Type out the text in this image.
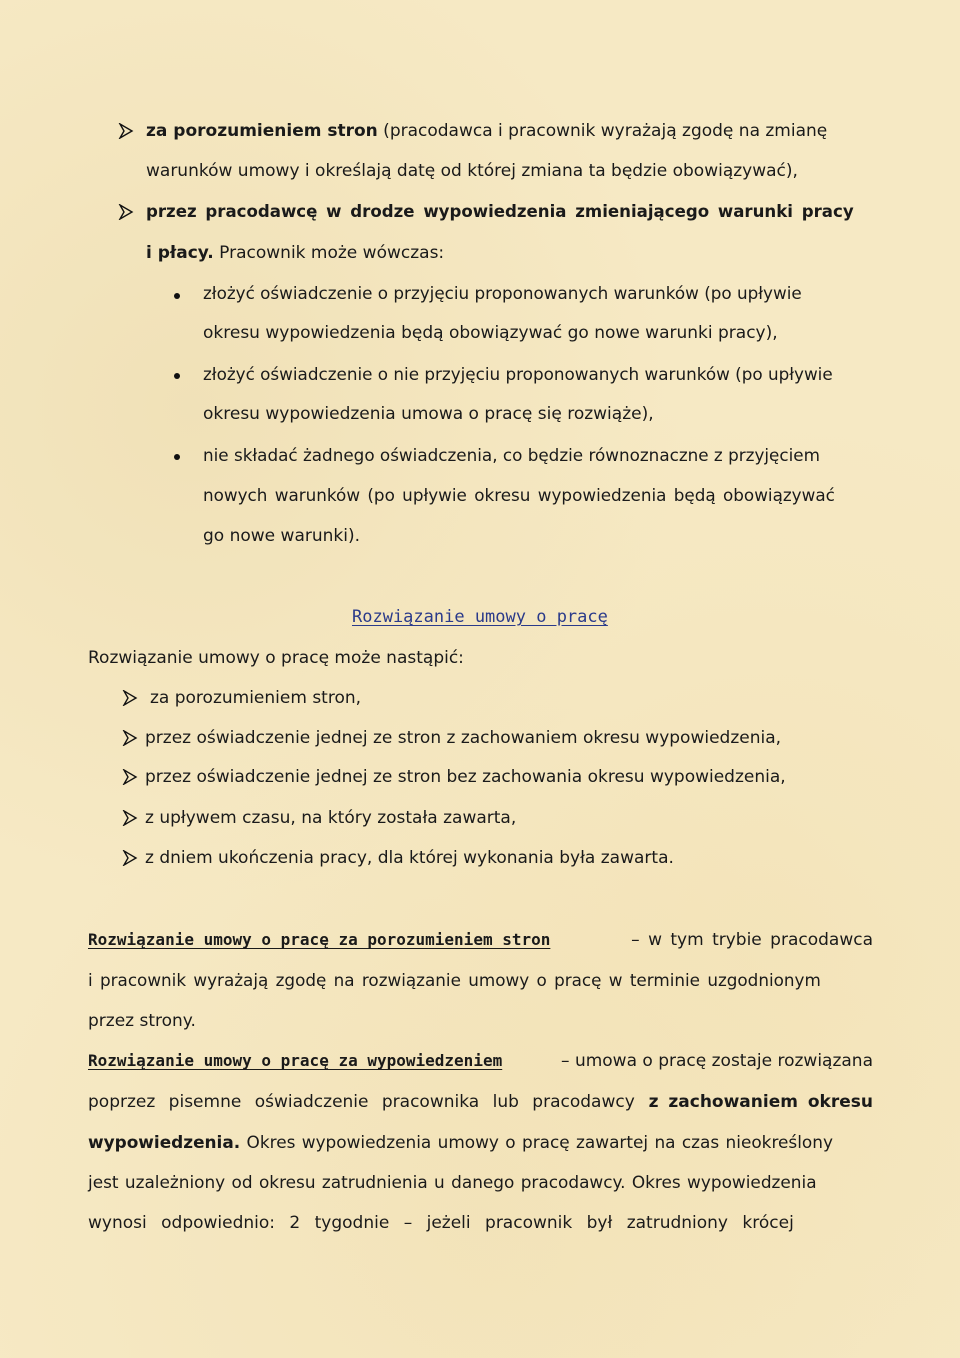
za porozumieniem stron (pracodawca i pracownik wyrażają zgodę na zmianę
warunków umowy i określają datę od której zmiana ta będzie obowiązywać),
przez pracodawcę w drodze wypowiedzenia zmieniającego warunki pracy
i płacy. Pracownik może wówczas:
złożyć oświadczenie o przyjęciu proponowanych warunków (po upływie
okresu wypowiedzenia będą obowiązywać go nowe warunki pracy),
złożyć oświadczenie o nie przyjęciu proponowanych warunków (po upływie
okresu wypowiedzenia umowa o pracę się rozwiąże),
nie składać żadnego oświadczenia, co będzie równoznaczne z przyjęciem
nowych warunków (po upływie okresu wypowiedzenia będą obowiązywać
go nowe warunki).
Rozwiązanie umowy o pracę
Rozwiązanie umowy o pracę może nastąpić:
za porozumieniem stron,
przez oświadczenie jednej ze stron z zachowaniem okresu wypowiedzenia,
przez oświadczenie jednej ze stron bez zachowania okresu wypowiedzenia,
z upływem czasu, na który została zawarta,
z dniem ukończenia pracy, dla której wykonania była zawarta.
Rozwiązanie umowy o pracę za porozumieniem stron	– w tym trybie pracodawca
i pracownik wyrażają zgodę na rozwiązanie umowy o pracę w terminie uzgodnionym
przez strony.
Rozwiązanie umowy o pracę za wypowiedzeniem	– umowa o pracę zostaje rozwiązana
poprzez pisemne oświadczenie pracownika lub pracodawcy z zachowaniem okresu
wypowiedzenia. Okres wypowiedzenia umowy o pracę zawartej na czas nieokreślony
jest uzależniony od okresu zatrudnienia u danego pracodawcy. Okres wypowiedzenia
wynosi odpowiednio: 2 tygodnie – jeżeli pracownik był zatrudniony krócej
